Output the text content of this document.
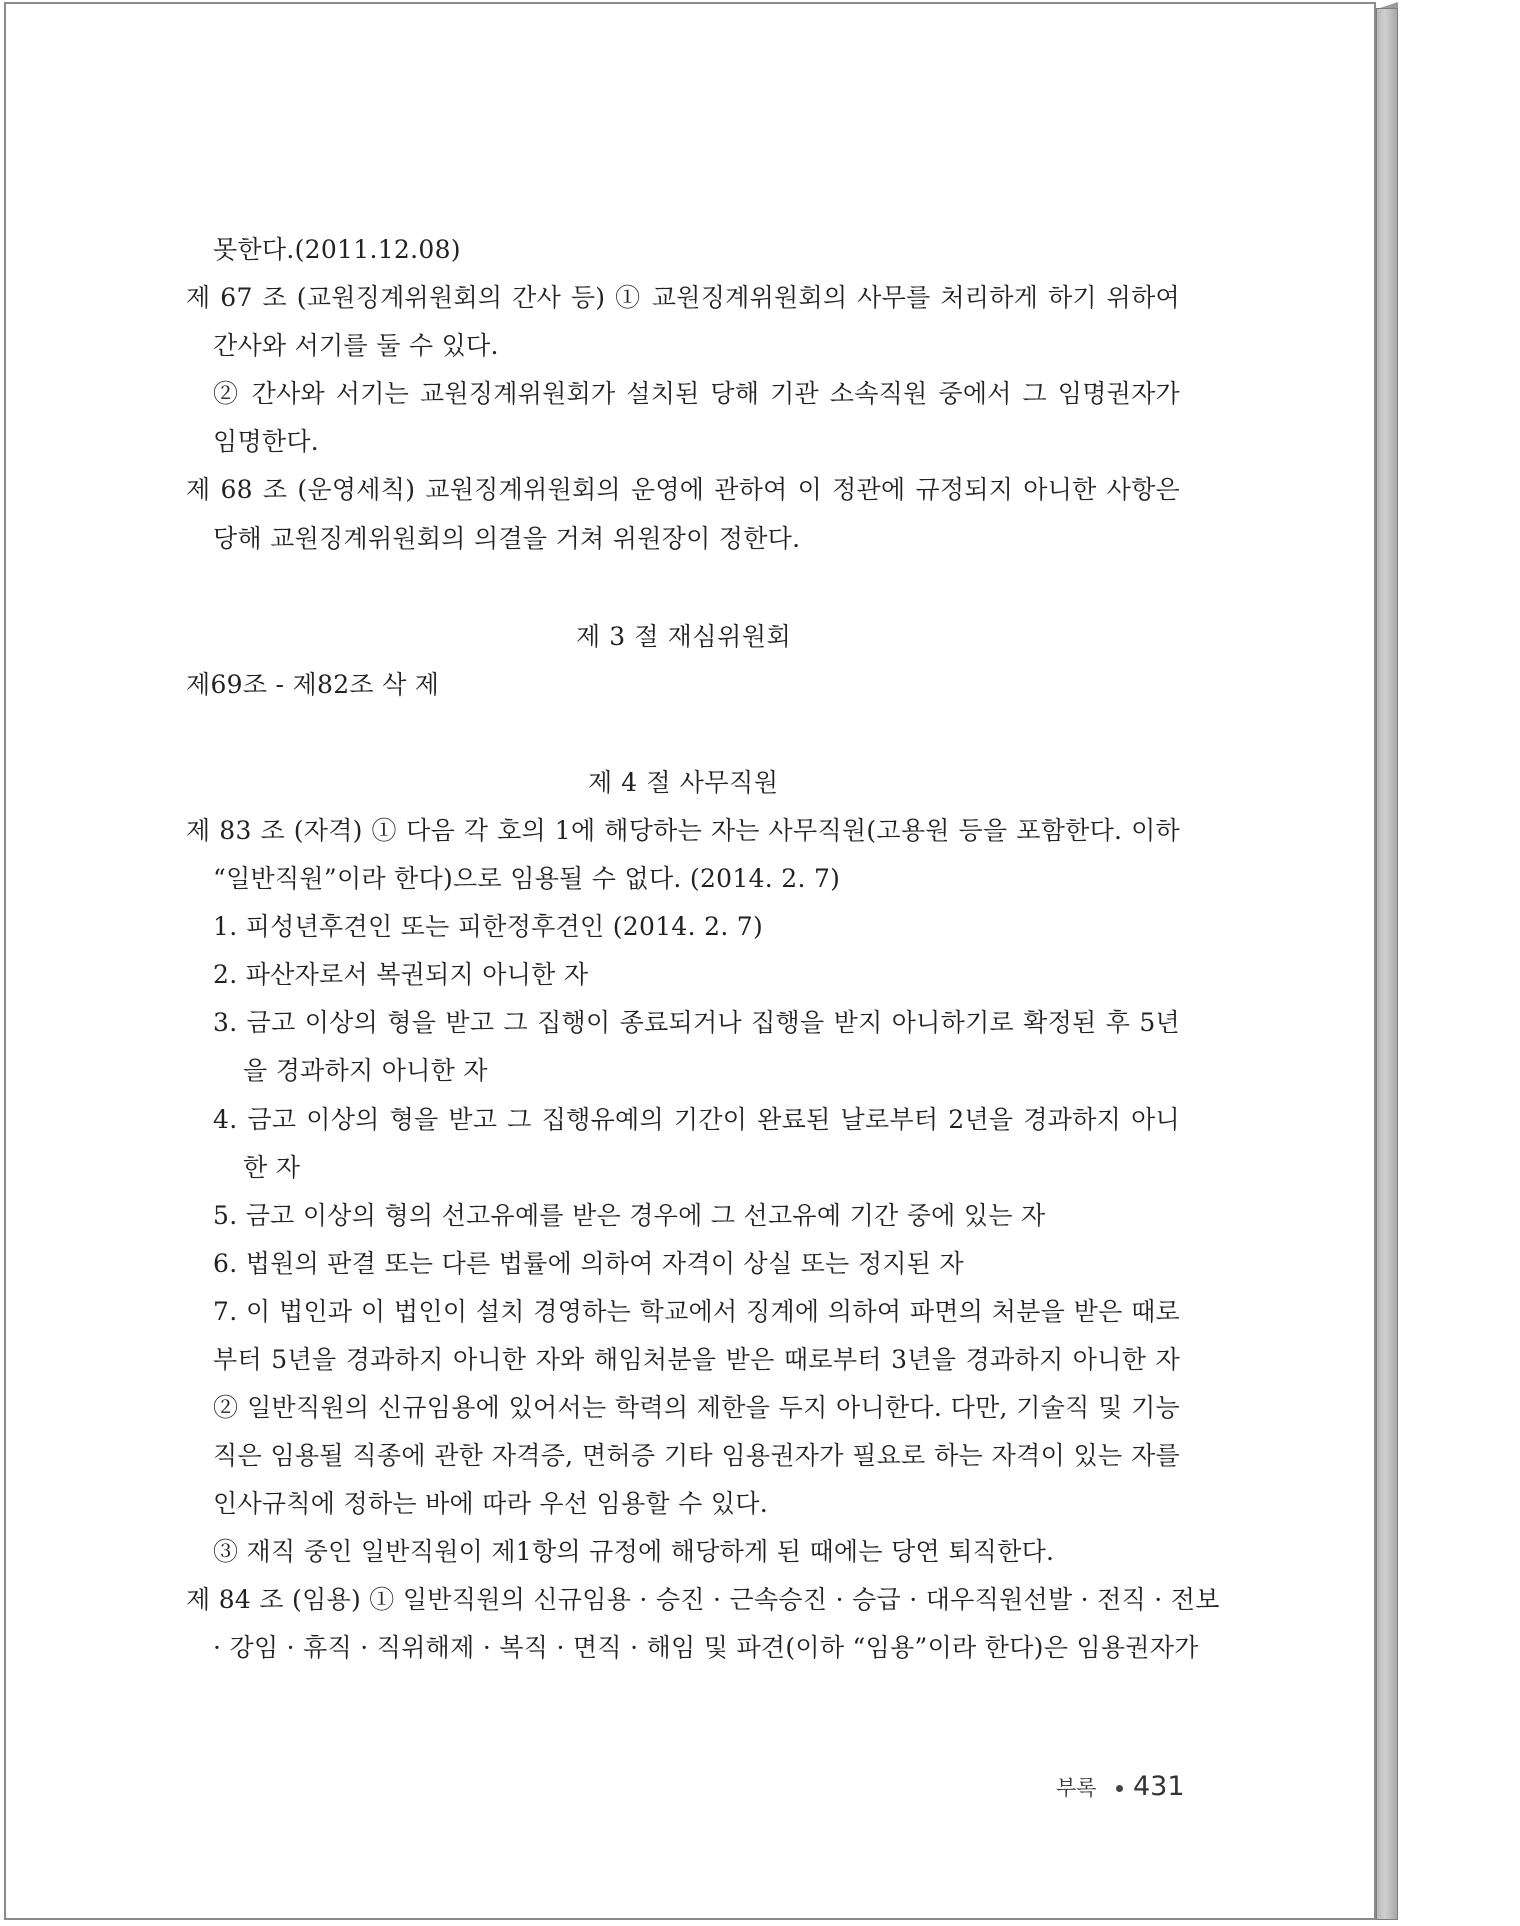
못한다.(2011.12.08)
제 67 조 (교원징계위원회의 간사 등) ① 교원징계위원회의 사무를 처리하게 하기 위하여
간사와 서기를 둘 수 있다.
② 간사와 서기는 교원징계위원회가 설치된 당해 기관 소속직원 중에서 그 임명권자가
임명한다.
제 68 조 (운영세칙) 교원징계위원회의 운영에 관하여 이 정관에 규정되지 아니한 사항은
당해 교원징계위원회의 의결을 거쳐 위원장이 정한다.
제 3 절 재심위원회
제69조 - 제82조 삭 제
제 4 절 사무직원
제 83 조 (자격) ① 다음 각 호의 1에 해당하는 자는 사무직원(고용원 등을 포함한다. 이하
“일반직원”이라 한다)으로 임용될 수 없다. (2014. 2. 7)
1. 피성년후견인 또는 피한정후견인 (2014. 2. 7)
2. 파산자로서 복권되지 아니한 자
3. 금고 이상의 형을 받고 그 집행이 종료되거나 집행을 받지 아니하기로 확정된 후 5년
을 경과하지 아니한 자
4. 금고 이상의 형을 받고 그 집행유예의 기간이 완료된 날로부터 2년을 경과하지 아니
한 자
5. 금고 이상의 형의 선고유예를 받은 경우에 그 선고유예 기간 중에 있는 자
6. 법원의 판결 또는 다른 법률에 의하여 자격이 상실 또는 정지된 자
7. 이 법인과 이 법인이 설치 경영하는 학교에서 징계에 의하여 파면의 처분을 받은 때로
부터 5년을 경과하지 아니한 자와 해임처분을 받은 때로부터 3년을 경과하지 아니한 자
② 일반직원의 신규임용에 있어서는 학력의 제한을 두지 아니한다. 다만, 기술직 및 기능
직은 임용될 직종에 관한 자격증, 면허증 기타 임용권자가 필요로 하는 자격이 있는 자를
인사규칙에 정하는 바에 따라 우선 임용할 수 있다.
③ 재직 중인 일반직원이 제1항의 규정에 해당하게 된 때에는 당연 퇴직한다.
제 84 조 (임용) ① 일반직원의 신규임용 · 승진 · 근속승진 · 승급 · 대우직원선발 · 전직 · 전보
· 강임 · 휴직 · 직위해제 · 복직 · 면직 · 해임 및 파견(이하 “임용”이라 한다)은 임용권자가
부록 431
